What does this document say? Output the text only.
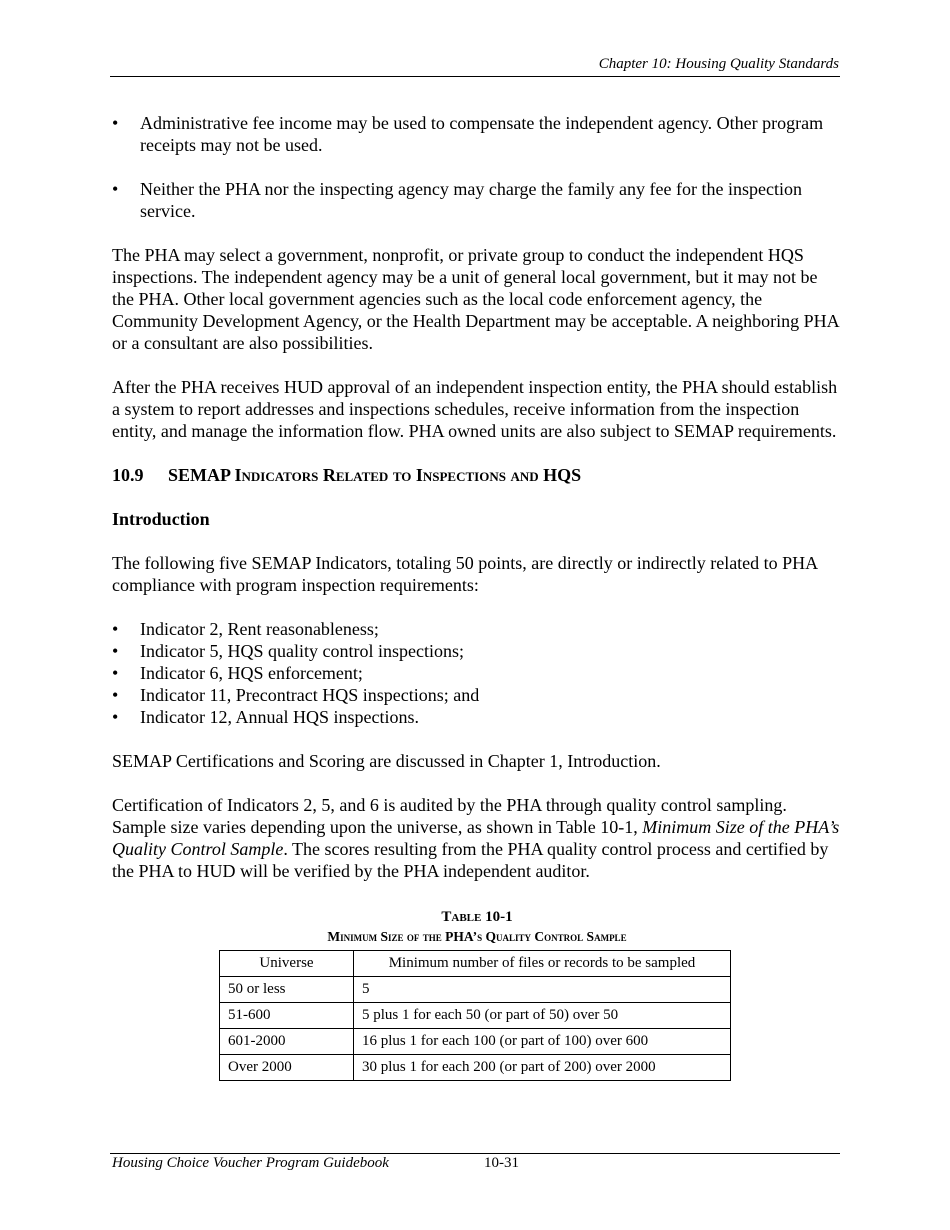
Chapter 10: Housing Quality Standards
• Administrative fee income may be used to compensate the independent agency. Other program receipts may not be used.
• Neither the PHA nor the inspecting agency may charge the family any fee for the inspection service.

The PHA may select a government, nonprofit, or private group to conduct the independent HQS inspections. The independent agency may be a unit of general local government, but it may not be the PHA. Other local government agencies such as the local code enforcement agency, the Community Development Agency, or the Health Department may be acceptable. A neighboring PHA or a consultant are also possibilities.

After the PHA receives HUD approval of an independent inspection entity, the PHA should establish a system to report addresses and inspections schedules, receive information from the inspection entity, and manage the information flow. PHA owned units are also subject to SEMAP requirements.

10.9 SEMAP Indicators Related to Inspections and HQS
Introduction

The following five SEMAP Indicators, totaling 50 points, are directly or indirectly related to PHA compliance with program inspection requirements:

• Indicator 2, Rent reasonableness;
• Indicator 5, HQS quality control inspections;
• Indicator 6, HQS enforcement;
• Indicator 11, Precontract HQS inspections; and
• Indicator 12, Annual HQS inspections.

SEMAP Certifications and Scoring are discussed in Chapter 1, Introduction.

Certification of Indicators 2, 5, and 6 is audited by the PHA through quality control sampling. Sample size varies depending upon the universe, as shown in Table 10-1, Minimum Size of the PHA’s Quality Control Sample. The scores resulting from the PHA quality control process and certified by the PHA to HUD will be verified by the PHA independent auditor.

Table 10-1
Minimum Size of the PHA’s Quality Control Sample
Universe	Minimum number of files or records to be sampled
50 or less	5
51-600	5 plus 1 for each 50 (or part of 50) over 50
601-2000	16 plus 1 for each 100 (or part of 100) over 600
Over 2000	30 plus 1 for each 200 (or part of 200) over 2000
Housing Choice Voucher Program Guidebook	10-31
